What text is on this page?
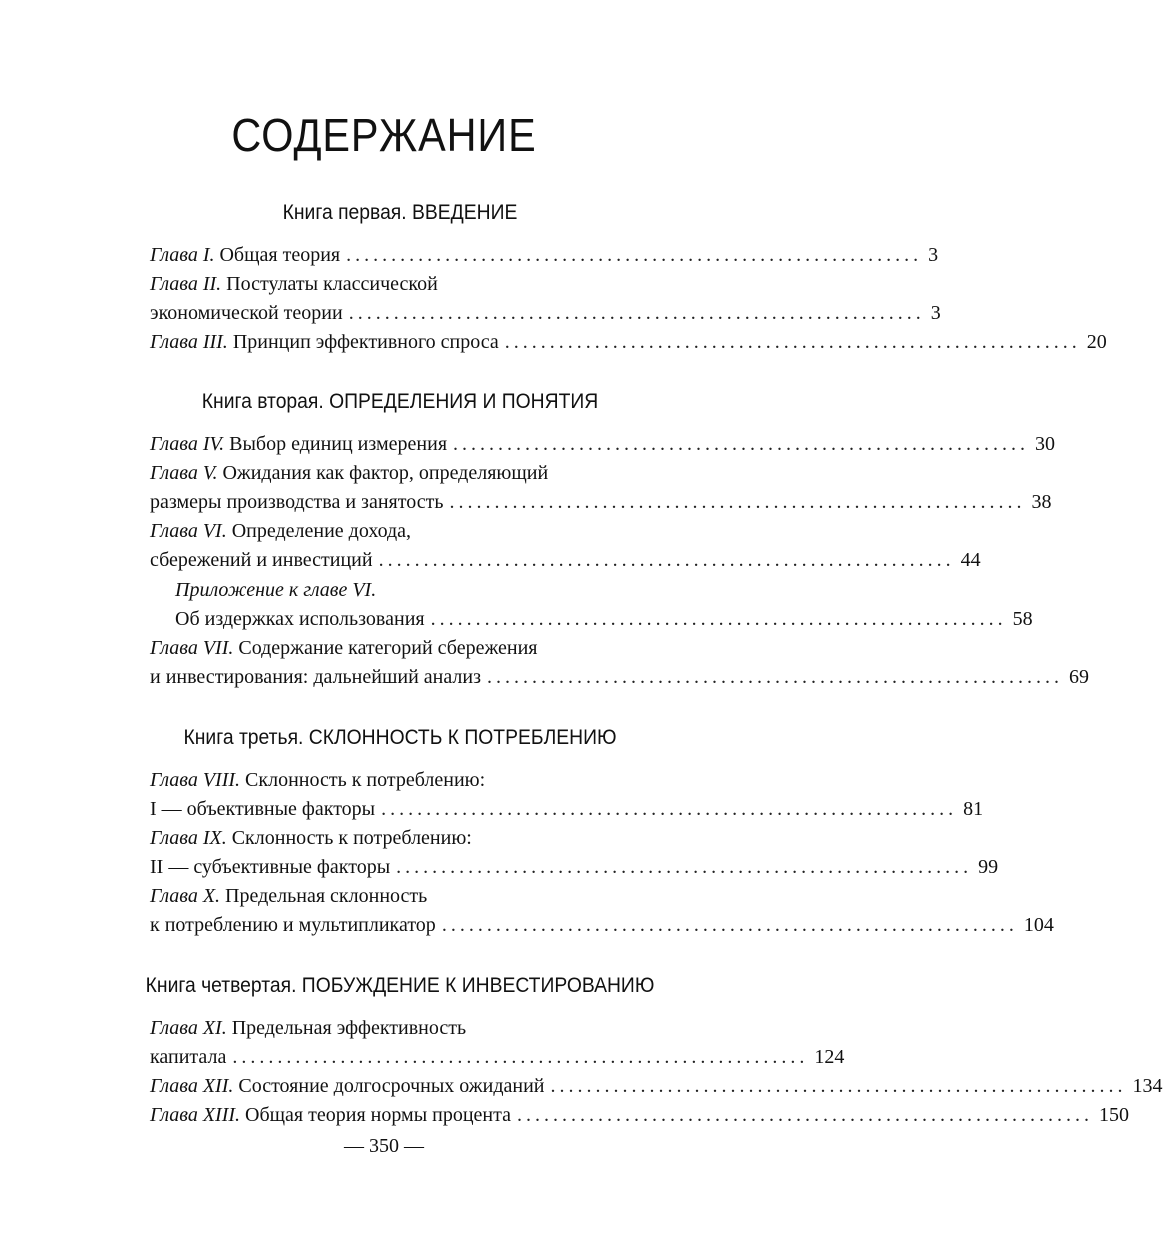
СОДЕРЖАНИЕ
Книга первая. ВВЕДЕНИЕ
Глава I.
Общая теория ................................................................ 3
Глава II.
Постулаты классической
экономической теории ................................................................ 3
Глава III.
Принцип эффективного спроса ................................................................ 20
Книга вторая. ОПРЕДЕЛЕНИЯ И ПОНЯТИЯ
Глава IV.
Выбор единиц измерения ................................................................ 30
Глава V.
Ожидания как фактор, определяющий
размеры производства и занятость ................................................................ 38
Глава VI.
Определение дохода,
сбережений и инвестиций ................................................................ 44
Приложение к главе VI.
Об издержках использования ................................................................ 58
Глава VII.
Содержание категорий сбережения
и инвестирования: дальнейший анализ ................................................................ 69
Книга третья. СКЛОННОСТЬ К ПОТРЕБЛЕНИЮ
Глава VIII.
Склонность к потреблению:
I — объективные факторы ................................................................ 81
Глава IX.
Склонность к потреблению:
II — субъективные факторы ................................................................ 99
Глава X.
Предельная склонность
к потреблению и мультипликатор ................................................................ 104
Книга четвертая. ПОБУЖДЕНИЕ К ИНВЕСТИРОВАНИЮ
Глава XI.
Предельная эффективность
капитала ................................................................ 124
Глава XII.
Состояние долгосрочных ожиданий ................................................................ 134
Глава XIII.
Общая теория нормы процента ................................................................ 150
— 350 —
